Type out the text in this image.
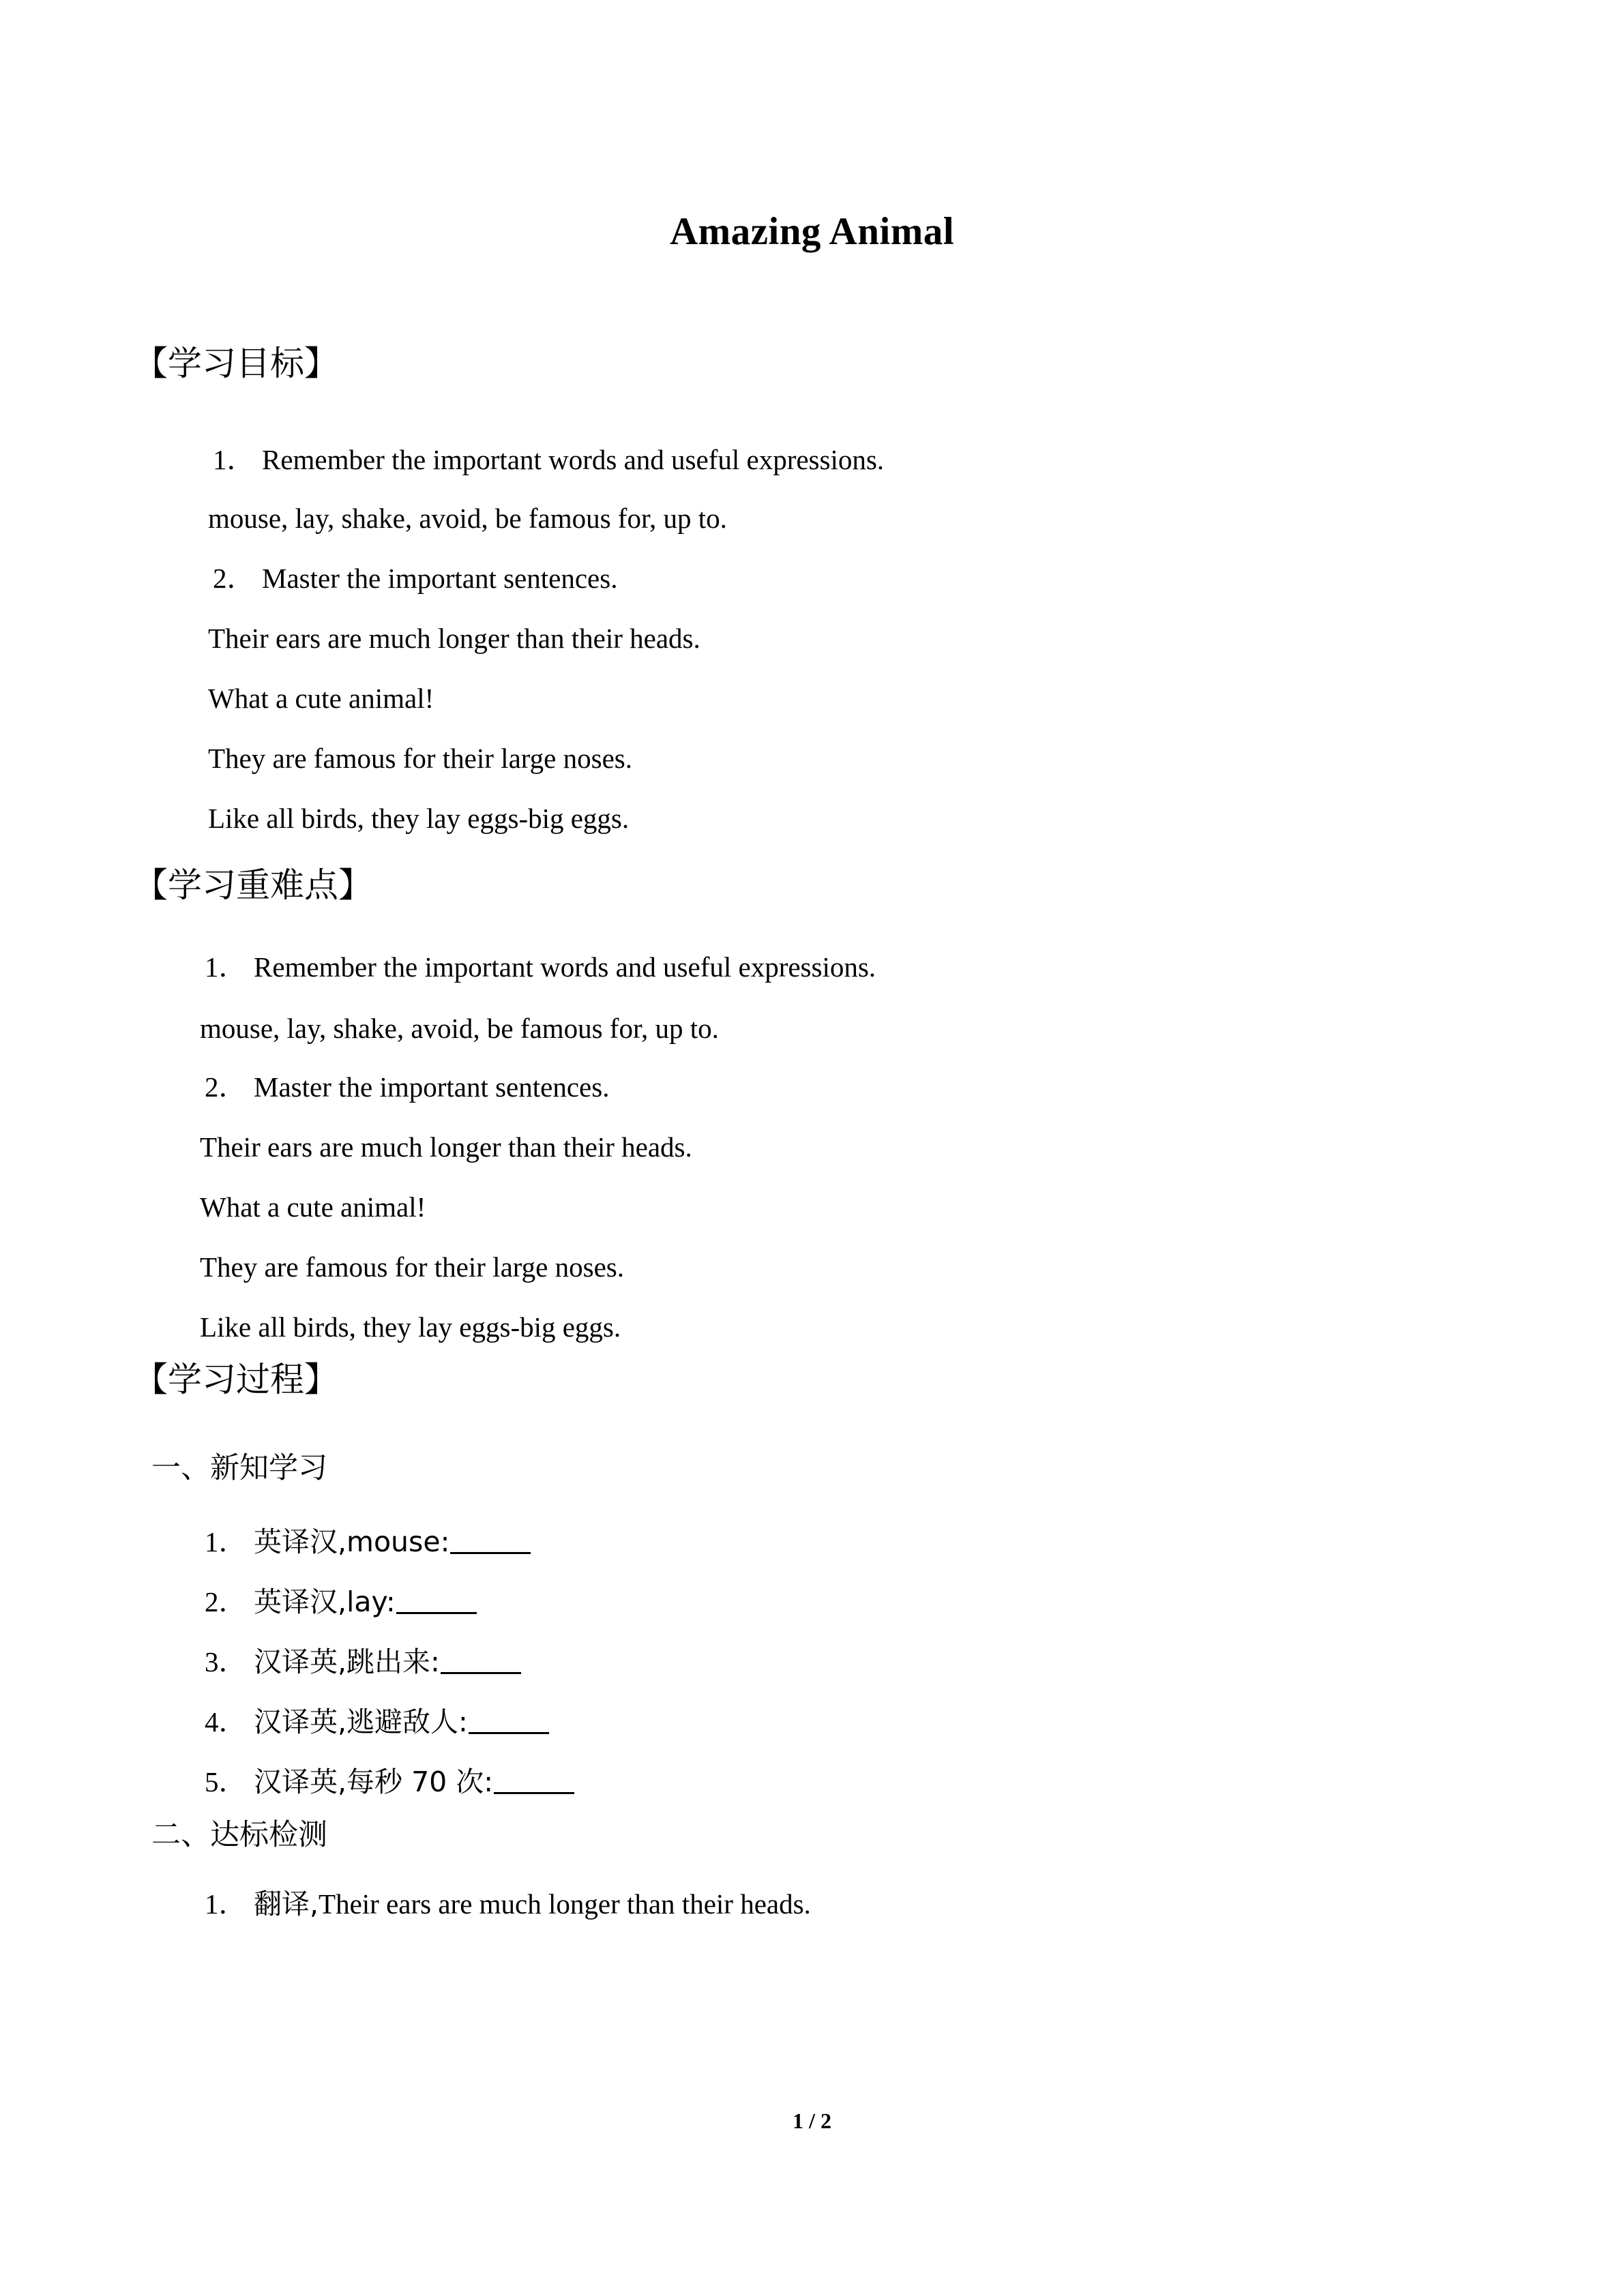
Amazing Animal
【学习目标】
1． Remember the important words and useful expressions.
mouse, lay, shake, avoid, be famous for, up to.
2． Master the important sentences.
Their ears are much longer than their heads.
What a cute animal!
They are famous for their large noses.
Like all birds, they lay eggs-big eggs.
【学习重难点】
1． Remember the important words and useful expressions.
mouse, lay, shake, avoid, be famous for, up to.
2． Master the important sentences.
Their ears are much longer than their heads.
What a cute animal!
They are famous for their large noses.
Like all birds, they lay eggs-big eggs.
【学习过程】
一、新知学习
1． 英译汉,mouse:
2． 英译汉,lay:
3． 汉译英,跳出来:
4． 汉译英,逃避敌人:
5． 汉译英,每秒 70 次:
二、达标检测
1． 翻译,Their ears are much longer than their heads.
1 / 2
